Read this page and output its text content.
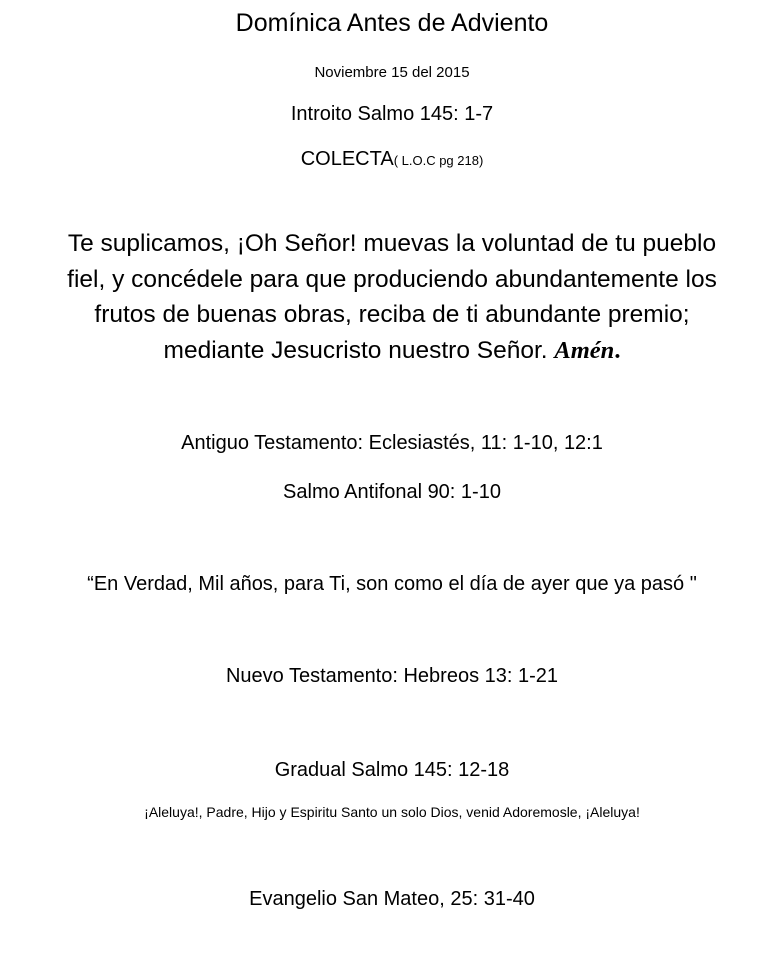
Domínica Antes de Adviento
Noviembre 15 del 2015
Introito Salmo 145: 1-7
COLECTA( L.O.C pg 218)
Te suplicamos, ¡Oh Señor! muevas la voluntad de tu pueblo
fiel, y concédele para que produciendo abundantemente los
frutos de buenas obras, reciba de ti abundante premio;
mediante Jesucristo nuestro Señor. Amén.
Antiguo Testamento: Eclesiastés, 11: 1-10, 12:1
Salmo Antifonal 90: 1-10
“En Verdad, Mil años, para Ti, son como el día de ayer que ya pasó "
Nuevo Testamento: Hebreos 13: 1-21
Gradual Salmo 145: 12-18
¡Aleluya!, Padre, Hijo y Espiritu Santo un solo Dios, venid Adoremosle, ¡Aleluya!
Evangelio San Mateo, 25: 31-40
